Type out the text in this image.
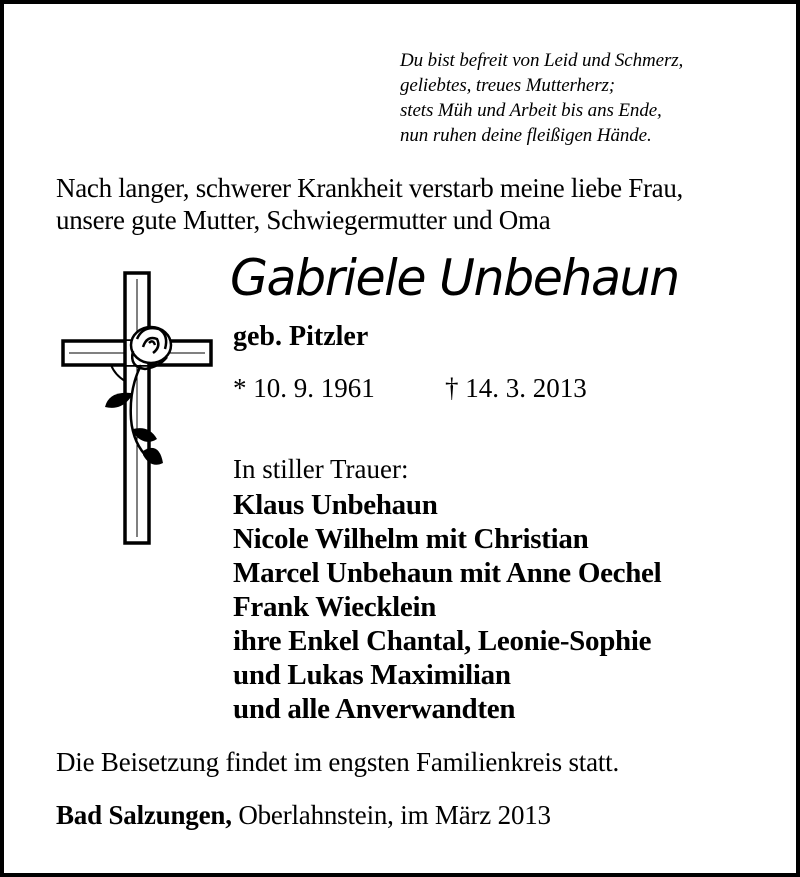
Du bist befreit von Leid und Schmerz,
geliebtes, treues Mutterherz;
stets Müh und Arbeit bis ans Ende,
nun ruhen deine fleißigen Hände.
Nach langer, schwerer Krankheit verstarb meine liebe Frau,
unsere gute Mutter, Schwiegermutter und Oma
Gabriele Unbehaun
geb. Pitzler
* 10. 9. 1961	† 14. 3. 2013
In stiller Trauer:
Klaus Unbehaun
Nicole Wilhelm mit Christian
Marcel Unbehaun mit Anne Oechel
Frank Wiecklein
ihre Enkel Chantal, Leonie-Sophie
und Lukas Maximilian
und alle Anverwandten
Die Beisetzung findet im engsten Familienkreis statt.
Bad Salzungen, Oberlahnstein, im März 2013
